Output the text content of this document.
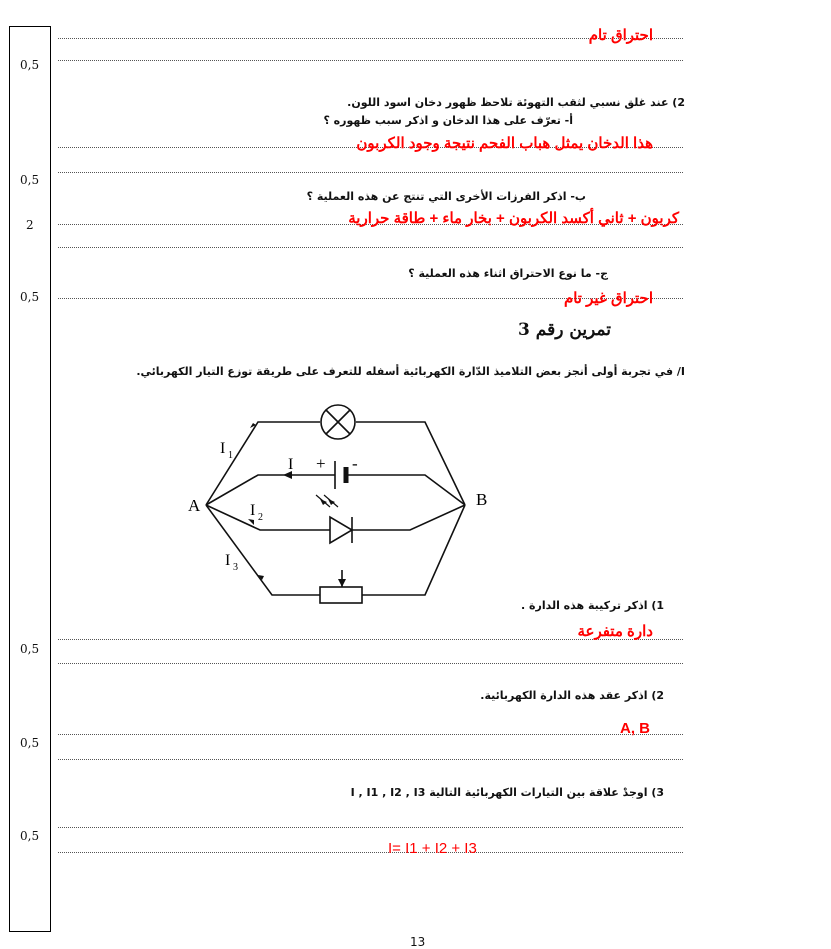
0,5
0,5
2
0,5
0,5
0,5
0,5
احتراق تام
هذا الدخان يمثل هباب الفحم نتيجة وجود الكربون
كربون + ثاني أكسد الكربون + بخار ماء + طاقة حرارية
احتراق غير تام
دارة متفرعة
A, B
I= I1 + I2 + I3
2) عند غلق نسبي لثقب التهوئة تلاحظ ظهور دخان اسود اللون.
أ- تعرّف على هذا الدخان و اذكر سبب ظهوره ؟
ب- اذكر الفرزات الأخرى التي تنتج عن هذه العملية ؟
ج- ما نوع الاحتراق اثناء هذه العملية ؟
تمرين رقم 3
I/ في تجربة أولى أنجز بعض التلاميذ الدّارة الكهربائية أسفله للتعرف على طريقة توزع التيار الكهربائي.
A	B
I 1
I
I 2
I 3
+ -
1) اذكر تركيبة هذه الدارة .
2) اذكر عقد هذه الدارة الكهربائية.
3) اوجدْ علاقة بين التيارات الكهربائية التالية I , I1 , I2 , I3
13
